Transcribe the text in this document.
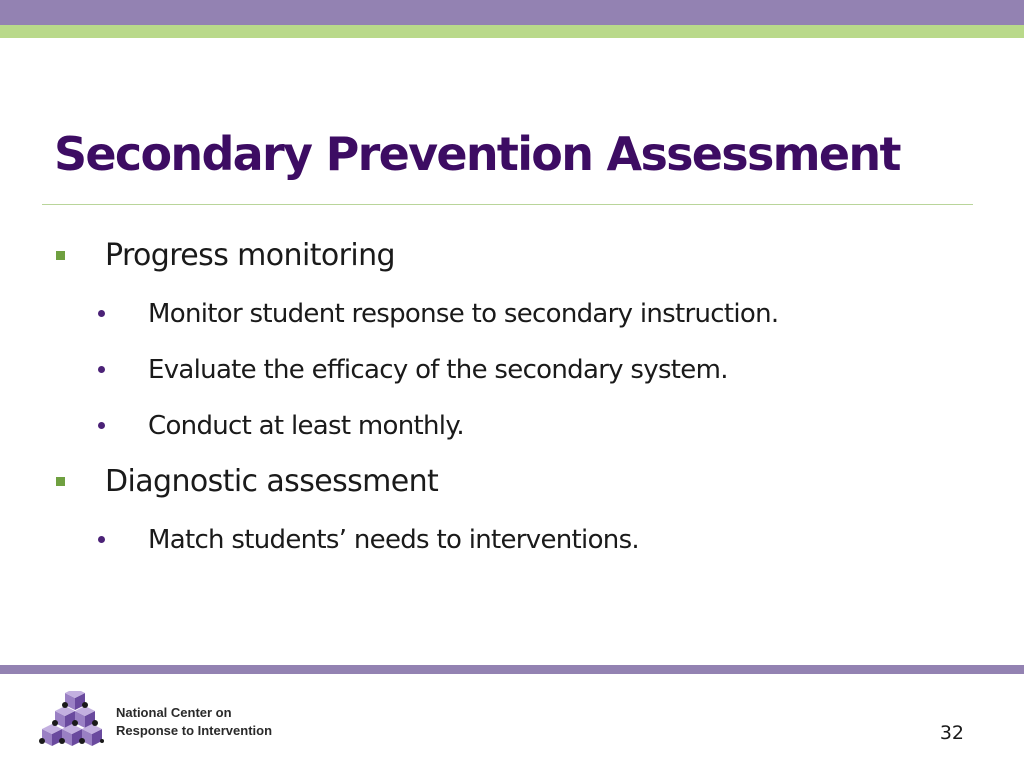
Secondary Prevention Assessment
Progress monitoring
Monitor student response to secondary instruction.
Evaluate the efficacy of the secondary system.
Conduct at least monthly.
Diagnostic assessment
Match students’ needs to interventions.
National Center on
Response to Intervention	32
